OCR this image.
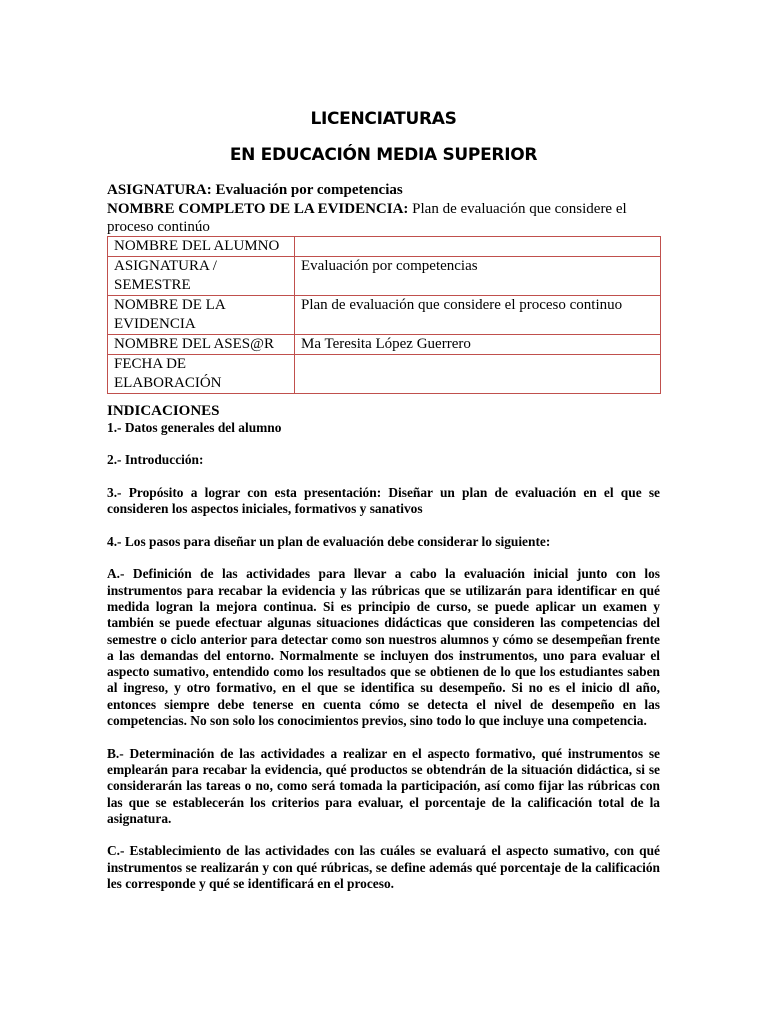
LICENCIATURAS
EN EDUCACIÓN MEDIA SUPERIOR
ASIGNATURA: Evaluación por competencias
NOMBRE COMPLETO DE LA EVIDENCIA: Plan de evaluación que considere el proceso continúo
NOMBRE DEL ALUMNO	
ASIGNATURA / SEMESTRE	Evaluación por competencias
NOMBRE DE LA EVIDENCIA	Plan de evaluación que considere el proceso continuo
NOMBRE DEL ASES@R	Ma Teresita López Guerrero
FECHA DE ELABORACIÓN	

INDICACIONES

1.- Datos generales del alumno

2.- Introducción:

3.- Propósito a lograr con esta presentación: Diseñar un plan de evaluación en el que se consideren los aspectos iniciales, formativos y sanativos

4.- Los pasos para diseñar un plan de evaluación debe considerar lo siguiente:

A.- Definición de las actividades para llevar a cabo la evaluación inicial junto con los instrumentos para recabar la evidencia y las rúbricas que se utilizarán para identificar en qué medida logran la mejora continua. Si es principio de curso, se puede aplicar un examen y también se puede efectuar algunas situaciones didácticas que consideren las competencias del semestre o ciclo anterior para detectar como son nuestros alumnos y cómo se desempeñan frente a las demandas del entorno. Normalmente se incluyen dos instrumentos, uno para evaluar el aspecto sumativo, entendido como los resultados que se obtienen de lo que los estudiantes saben al ingreso, y otro formativo, en el que se identifica su desempeño. Si no es el inicio dl año, entonces siempre debe tenerse en cuenta cómo se detecta el nivel de desempeño en las competencias. No son solo los conocimientos previos, sino todo lo que incluye una competencia.

B.- Determinación de las actividades a realizar en el aspecto formativo, qué instrumentos se emplearán para recabar la evidencia, qué productos se obtendrán de la situación didáctica, si se considerarán las tareas o no, como será tomada la participación, así como fijar las rúbricas con las que se establecerán los criterios para evaluar, el porcentaje de la calificación total de la asignatura.

C.- Establecimiento de las actividades con las cuáles se evaluará el aspecto sumativo, con qué instrumentos se realizarán y con qué rúbricas, se define además qué porcentaje de la calificación les corresponde y qué se identificará en el proceso.
